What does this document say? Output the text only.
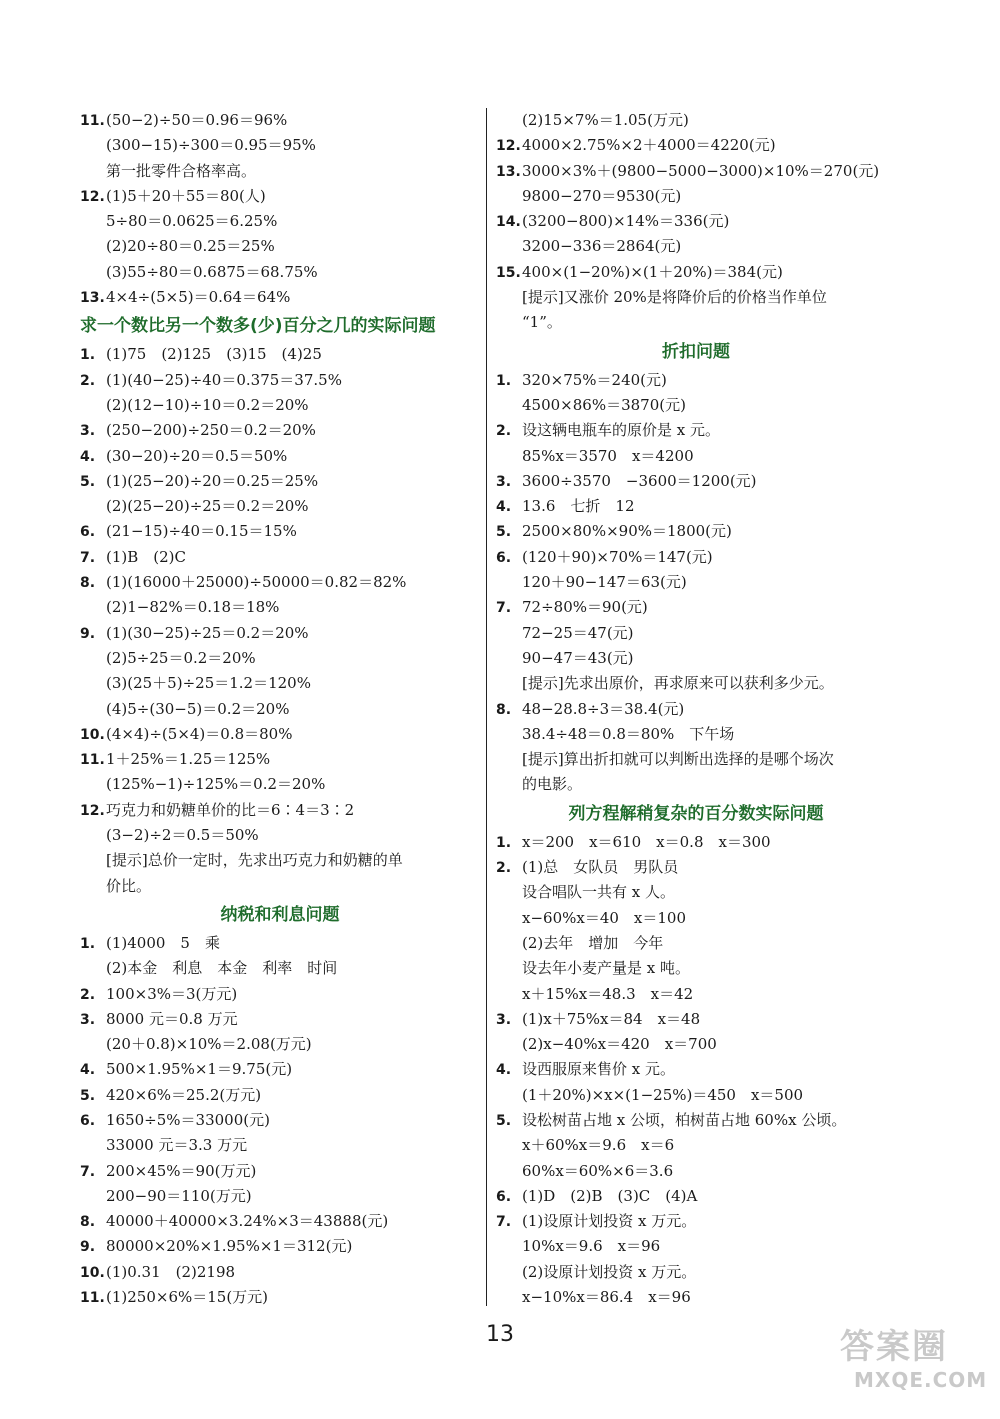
11.(50−2)÷50＝0.96＝96%
(300−15)÷300＝0.95＝95%
第一批零件合格率高。
12.(1)5＋20＋55＝80(人)
5÷80＝0.0625＝6.25%
(2)20÷80＝0.25＝25%
(3)55÷80＝0.6875＝68.75%
13.4×4÷(5×5)＝0.64＝64%
求一个数比另一个数多(少)百分之几的实际问题
1. (1)75　(2)125　(3)15　(4)25
2. (1)(40−25)÷40＝0.375＝37.5%
(2)(12−10)÷10＝0.2＝20%
3. (250−200)÷250＝0.2＝20%
4. (30−20)÷20＝0.5＝50%
5. (1)(25−20)÷20＝0.25＝25%
(2)(25−20)÷25＝0.2＝20%
6. (21−15)÷40＝0.15＝15%
7. (1)B　(2)C
8. (1)(16000＋25000)÷50000＝0.82＝82%
(2)1−82%＝0.18＝18%
9. (1)(30−25)÷25＝0.2＝20%
(2)5÷25＝0.2＝20%
(3)(25＋5)÷25＝1.2＝120%
(4)5÷(30−5)＝0.2＝20%
10.(4×4)÷(5×4)＝0.8＝80%
11.1＋25%＝1.25＝125%
(125%−1)÷125%＝0.2＝20%
12.巧克力和奶糖单价的比＝6∶4＝3∶2
(3−2)÷2＝0.5＝50%
[提示]总价一定时，先求出巧克力和奶糖的单
价比。
纳税和利息问题
1. (1)4000　5　乘
(2)本金　利息　本金　利率　时间
2. 100×3%＝3(万元)
3. 8000 元＝0.8 万元
(20＋0.8)×10%＝2.08(万元)
4. 500×1.95%×1＝9.75(元)
5. 420×6%＝25.2(万元)
6. 1650÷5%＝33000(元)
33000 元＝3.3 万元
7. 200×45%＝90(万元)
200−90＝110(万元)
8. 40000＋40000×3.24%×3＝43888(元)
9. 80000×20%×1.95%×1＝312(元)
10.(1)0.31　(2)2198
11.(1)250×6%＝15(万元)
(2)15×7%＝1.05(万元)
12.4000×2.75%×2＋4000＝4220(元)
13.3000×3%＋(9800−5000−3000)×10%＝270(元)
9800−270＝9530(元)
14.(3200−800)×14%＝336(元)
3200−336＝2864(元)
15.400×(1−20%)×(1＋20%)＝384(元)
[提示]又涨价 20%是将降价后的价格当作单位
“1”。
折扣问题
1. 320×75%＝240(元)
4500×86%＝3870(元)
2. 设这辆电瓶车的原价是 x 元。
85%x＝3570　x＝4200
3. 3600÷3570　−3600＝1200(元)
4. 13.6　七折　12
5. 2500×80%×90%＝1800(元)
6. (120＋90)×70%＝147(元)
120＋90−147＝63(元)
7. 72÷80%＝90(元)
72−25＝47(元)
90−47＝43(元)
[提示]先求出原价，再求原来可以获利多少元。
8. 48−28.8÷3＝38.4(元)
38.4÷48＝0.8＝80%　下午场
[提示]算出折扣就可以判断出选择的是哪个场次
的电影。
列方程解稍复杂的百分数实际问题
1. x＝200　x＝610　x＝0.8　x＝300
2. (1)总　女队员　男队员
设合唱队一共有 x 人。
x−60%x＝40　x＝100
(2)去年　增加　今年
设去年小麦产量是 x 吨。
x＋15%x＝48.3　x＝42
3. (1)x＋75%x＝84　x＝48
(2)x−40%x＝420　x＝700
4. 设西服原来售价 x 元。
(1＋20%)×x×(1−25%)＝450　x＝500
5. 设松树苗占地 x 公顷，柏树苗占地 60%x 公顷。
x＋60%x＝9.6　x＝6
60%x＝60%×6＝3.6
6. (1)D　(2)B　(3)C　(4)A
7. (1)设原计划投资 x 万元。
10%x＝9.6　x＝96
(2)设原计划投资 x 万元。
x−10%x＝86.4　x＝96
13	答案圈
MXQE.COM
